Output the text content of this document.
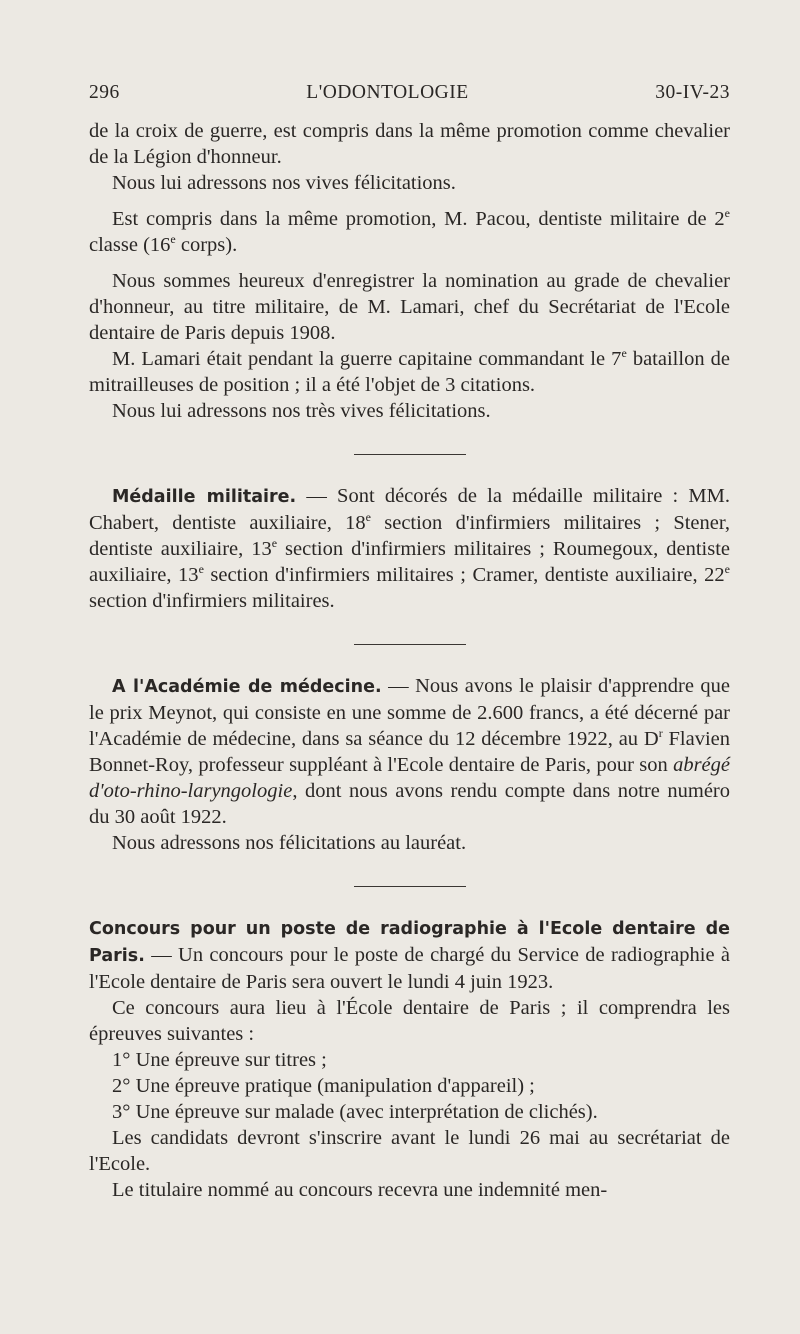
296	L'ODONTOLOGIE	30-IV-23

de la croix de guerre, est compris dans la même promotion comme chevalier de la Légion d'honneur.

Nous lui adressons nos vives félicitations.

Est compris dans la même promotion, M. Pacou, dentiste militaire de 2e classe (16e corps).

Nous sommes heureux d'enregistrer la nomination au grade de chevalier d'honneur, au titre militaire, de M. Lamari, chef du Secrétariat de l'Ecole dentaire de Paris depuis 1908.

M. Lamari était pendant la guerre capitaine commandant le 7e bataillon de mitrailleuses de position ; il a été l'objet de 3 citations.

Nous lui adressons nos très vives félicitations.

Médaille militaire. — Sont décorés de la médaille militaire : MM. Chabert, dentiste auxiliaire, 18e section d'infirmiers militaires ; Stener, dentiste auxiliaire, 13e section d'infirmiers militaires ; Roumegoux, dentiste auxiliaire, 13e section d'infirmiers militaires ; Cramer, dentiste auxiliaire, 22e section d'infirmiers militaires.

A l'Académie de médecine. — Nous avons le plaisir d'apprendre que le prix Meynot, qui consiste en une somme de 2.600 francs, a été décerné par l'Académie de médecine, dans sa séance du 12 décembre 1922, au $D^r$ Flavien Bonnet-Roy, professeur suppléant à l'Ecole dentaire de Paris, pour son abrégé d'oto-rhino-laryngologie, dont nous avons rendu compte dans notre numéro du 30 août 1922.

Nous adressons nos félicitations au lauréat.

Concours pour un poste de radiographie à l'Ecole dentaire de Paris. — Un concours pour le poste de chargé du Service de radiographie à l'Ecole dentaire de Paris sera ouvert le lundi 4 juin 1923.

Ce concours aura lieu à l'École dentaire de Paris ; il comprendra les épreuves suivantes :

1° Une épreuve sur titres ;

2° Une épreuve pratique (manipulation d'appareil) ;

3° Une épreuve sur malade (avec interprétation de clichés).

Les candidats devront s'inscrire avant le lundi 26 mai au secrétariat de l'Ecole.

Le titulaire nommé au concours recevra une indemnité men-
